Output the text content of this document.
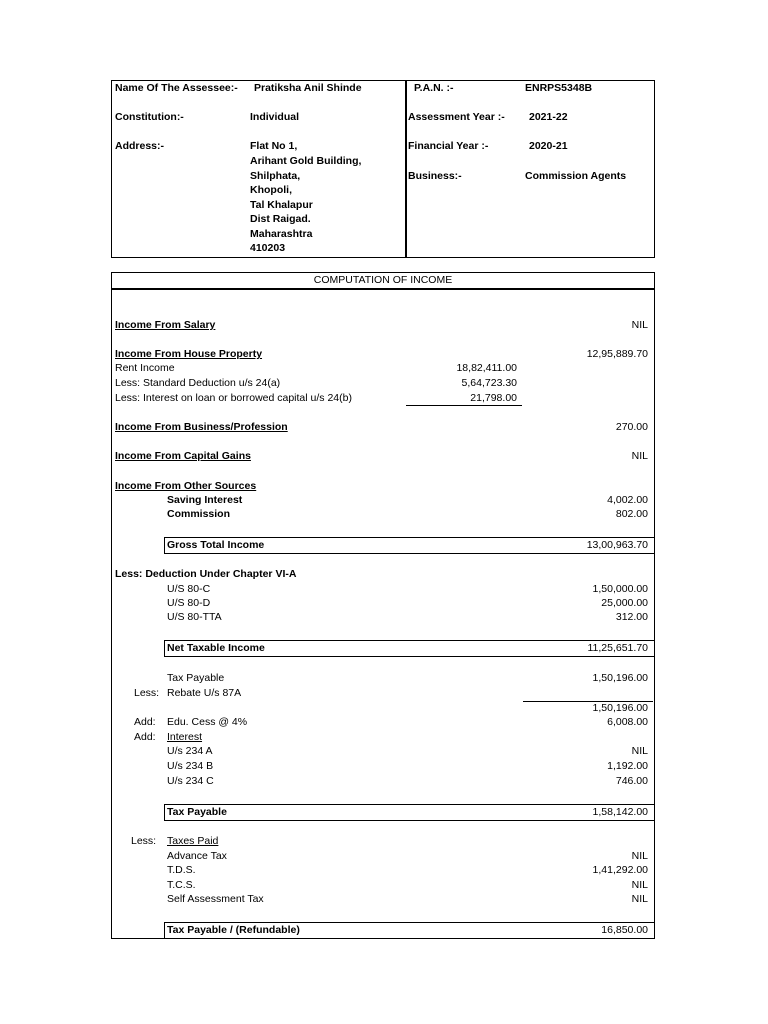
Name Of The Assessee:- Pratiksha Anil Shinde
Constitution:-	Individual
Address:-	Flat No 1,
Arihant Gold Building,
Shilphata,
Khopoli,
Tal Khalapur
Dist Raigad.
Maharashtra
410203
P.A.N. :-	ENRPS5348B
Assessment Year :- 2021-22
Financial Year :-	2020-21
Business:-	Commission Agents
COMPUTATION OF INCOME
Income From Salary	NIL
Income From House Property	12,95,889.70
Rent Income	18,82,411.00
Less: Standard Deduction u/s 24(a)	5,64,723.30
Less: Interest on loan or borrowed capital u/s 24(b)	21,798.00
Income From Business/Profession	270.00
Income From Capital Gains	NIL
Income From Other Sources
Saving Interest	4,002.00
Commission	802.00
Gross Total Income	13,00,963.70
Less: Deduction Under Chapter VI-A
U/S 80-C	1,50,000.00
U/S 80-D	25,000.00
U/S 80-TTA	312.00
Net Taxable Income	11,25,651.70
Tax Payable	1,50,196.00
Less: Rebate U/s 87A
1,50,196.00
Add: Edu. Cess @ 4%	6,008.00
Add: Interest
U/s 234 A	NIL
U/s 234 B	1,192.00
U/s 234 C	746.00
Tax Payable	1,58,142.00
Less: Taxes Paid
Advance Tax	NIL
T.D.S.	1,41,292.00
T.C.S.	NIL
Self Assessment Tax	NIL
Tax Payable / (Refundable)	16,850.00
